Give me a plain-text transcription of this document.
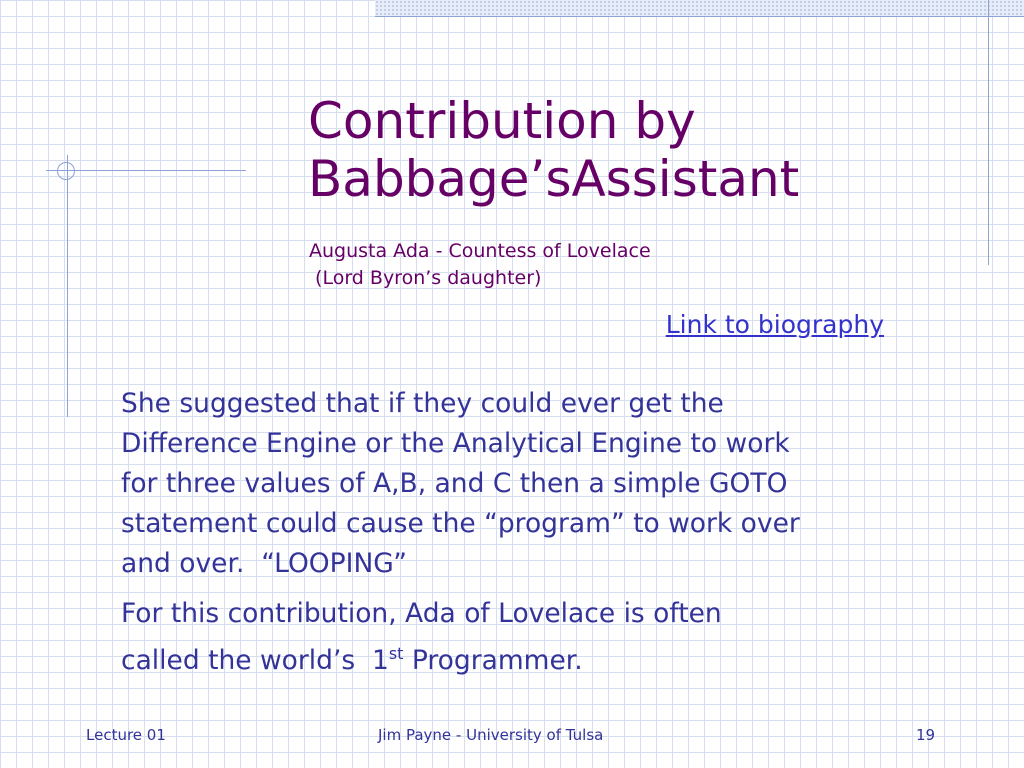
Contribution by
Babbage’sAssistant
Augusta Ada - Countess of Lovelace
(Lord Byron’s daughter)
Link to biography

She suggested that if they could ever get the
Difference Engine or the Analytical Engine to work
for three values of A,B, and C then a simple GOTO
statement could cause the “program” to work over
and over.  “LOOPING”

For this contribution, Ada of Lovelace is often
called the world’s  1st Programmer.

Lecture 01	Jim Payne - University of Tulsa	19
